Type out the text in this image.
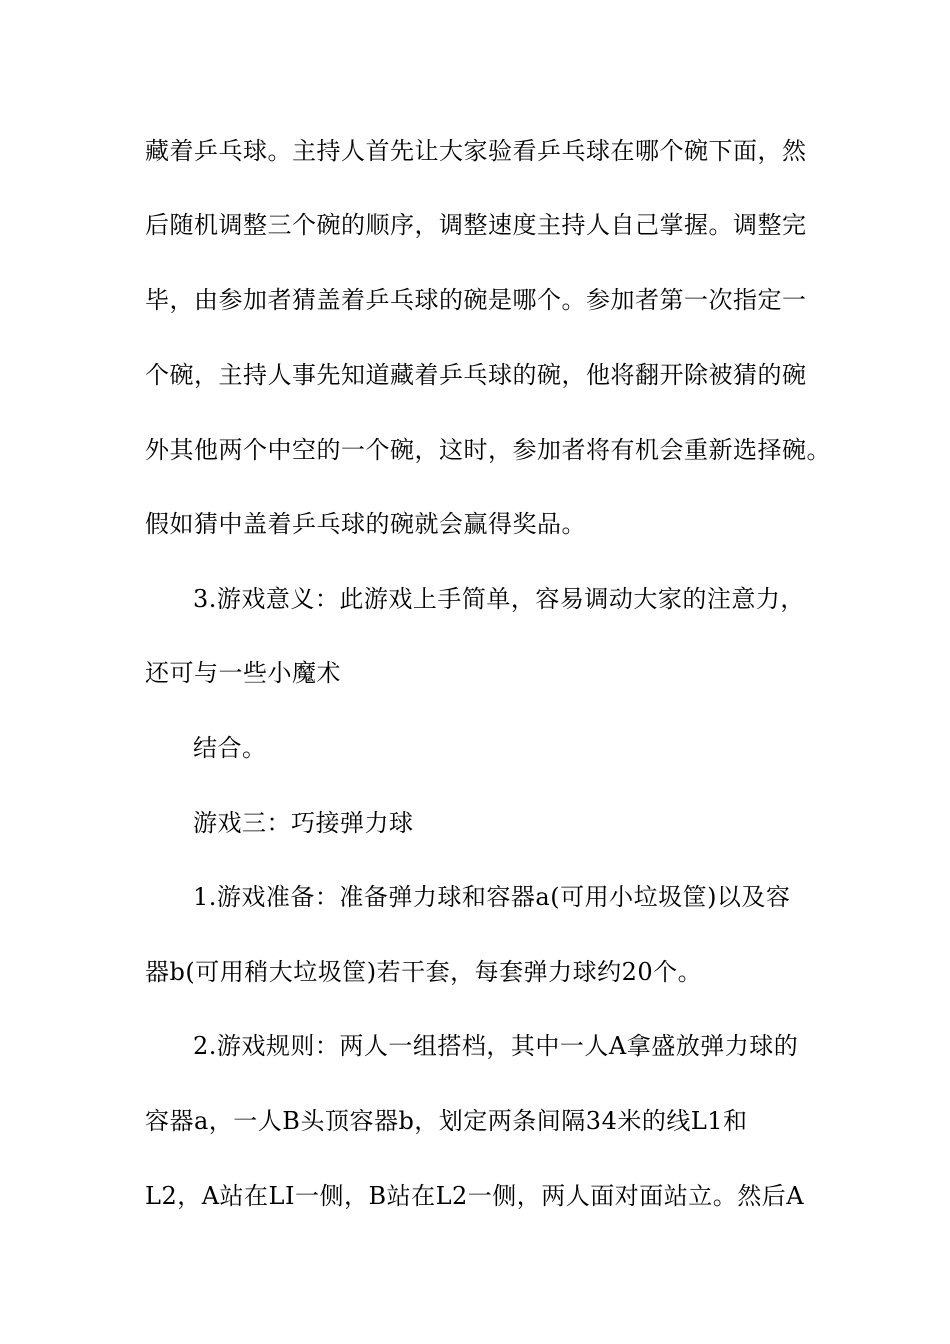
藏着乒乓球。主持人首先让大家验看乒乓球在哪个碗下面，然
后随机调整三个碗的顺序，调整速度主持人自己掌握。调整完
毕，由参加者猜盖着乒乓球的碗是哪个。参加者第一次指定一
个碗，主持人事先知道藏着乒乓球的碗，他将翻开除被猜的碗
外其他两个中空的一个碗，这时，参加者将有机会重新选择碗。
假如猜中盖着乒乓球的碗就会赢得奖品。
3.游戏意义：此游戏上手简单，容易调动大家的注意力，
还可与一些小魔术
结合。
游戏三：巧接弹力球
1.游戏准备：准备弹力球和容器a(可用小垃圾筐)以及容
器b(可用稍大垃圾筐)若干套，每套弹力球约20个。
2.游戏规则：两人一组搭档，其中一人A拿盛放弹力球的
容器a，一人B头顶容器b，划定两条间隔34米的线L1和
L2，A站在LI一侧，B站在L2一侧，两人面对面站立。然后A
